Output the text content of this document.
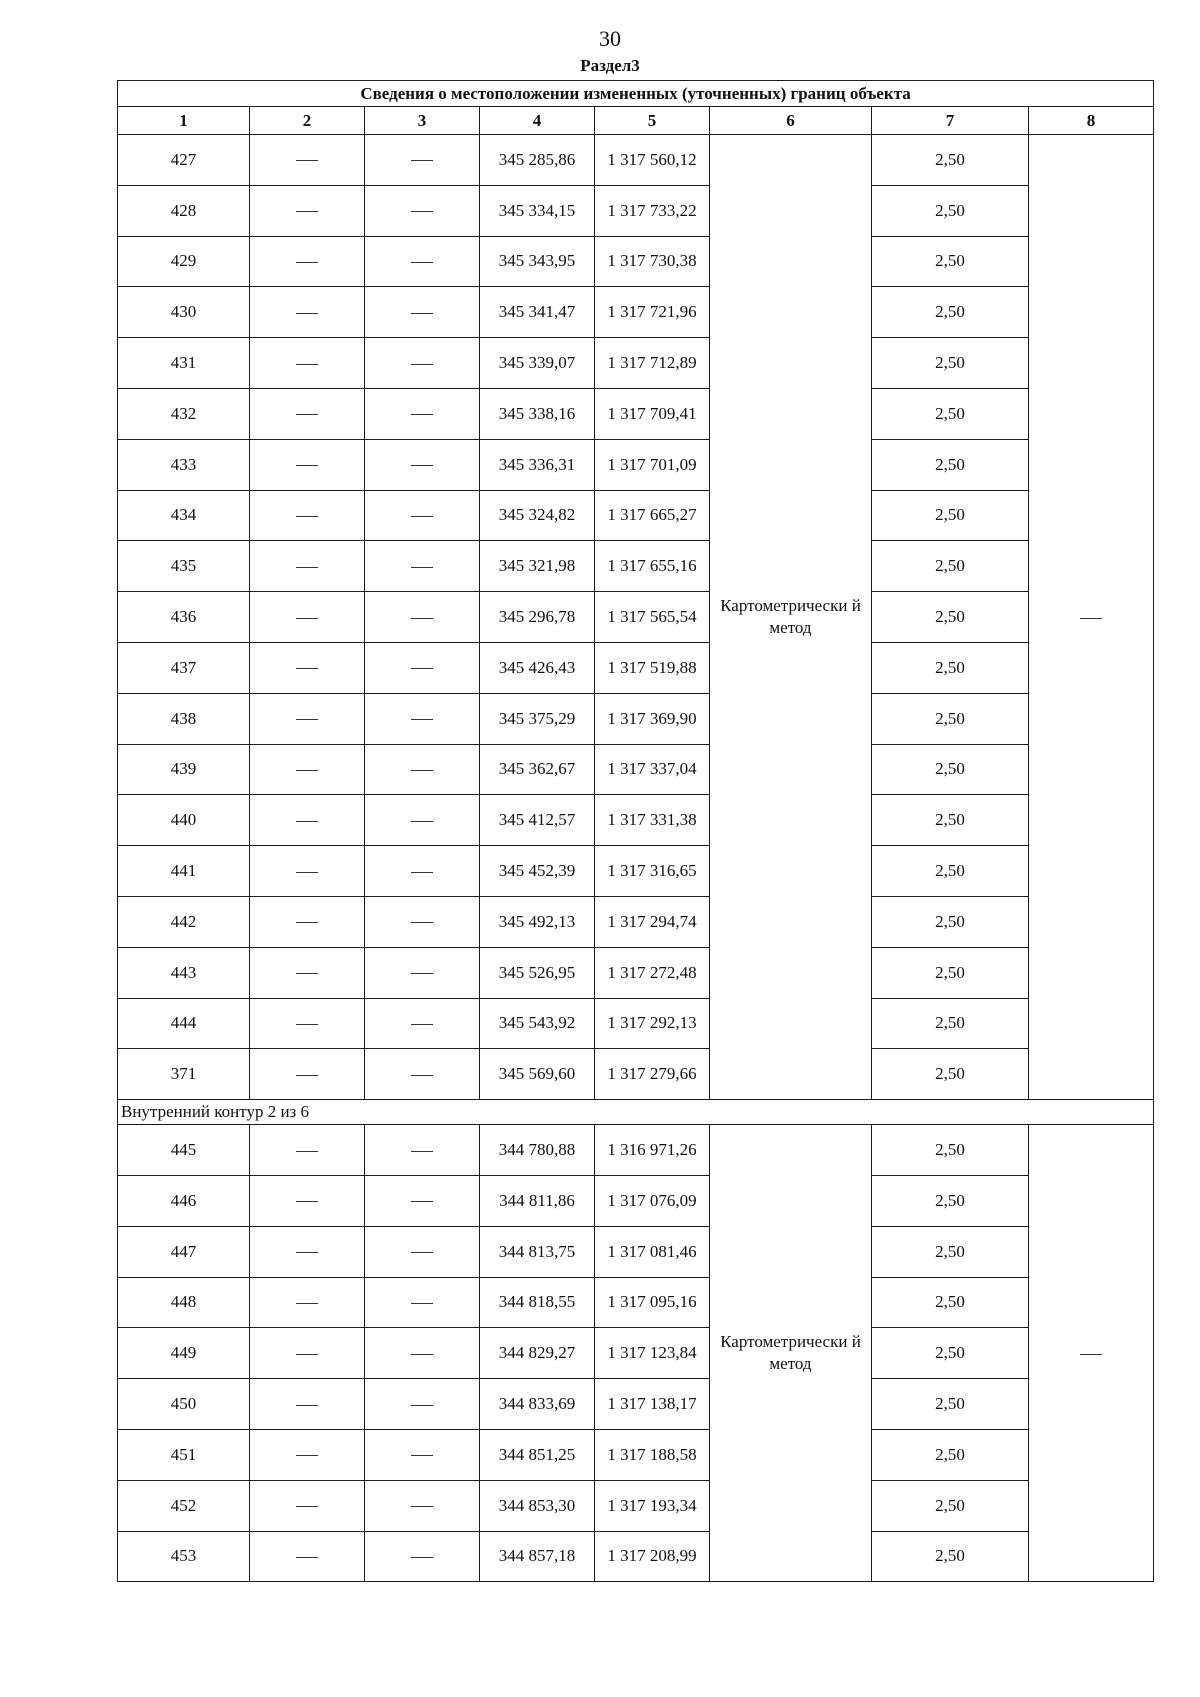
30
Раздел3
Сведения о местоположении измененных (уточненных) границ объекта							
1	2	3	4	5	6	7	8
427			345 285,86	1 317 560,12	Картометрически й метод	2,50	
428			345 334,15	1 317 733,22		2,50	
429			345 343,95	1 317 730,38		2,50	
430			345 341,47	1 317 721,96		2,50	
431			345 339,07	1 317 712,89		2,50	
432			345 338,16	1 317 709,41		2,50	
433			345 336,31	1 317 701,09		2,50	
434			345 324,82	1 317 665,27		2,50	
435			345 321,98	1 317 655,16		2,50	
436			345 296,78	1 317 565,54		2,50	
437			345 426,43	1 317 519,88		2,50	
438			345 375,29	1 317 369,90		2,50	
439			345 362,67	1 317 337,04		2,50	
440			345 412,57	1 317 331,38		2,50	
441			345 452,39	1 317 316,65		2,50	
442			345 492,13	1 317 294,74		2,50	
443			345 526,95	1 317 272,48		2,50	
444			345 543,92	1 317 292,13		2,50	
371			345 569,60	1 317 279,66		2,50	
Внутренний контур 2 из 6							
445			344 780,88	1 316 971,26	Картометрически й метод	2,50	
446			344 811,86	1 317 076,09		2,50	
447			344 813,75	1 317 081,46		2,50	
448			344 818,55	1 317 095,16		2,50	
449			344 829,27	1 317 123,84		2,50	
450			344 833,69	1 317 138,17		2,50	
451			344 851,25	1 317 188,58		2,50	
452			344 853,30	1 317 193,34		2,50	
453			344 857,18	1 317 208,99		2,50	
